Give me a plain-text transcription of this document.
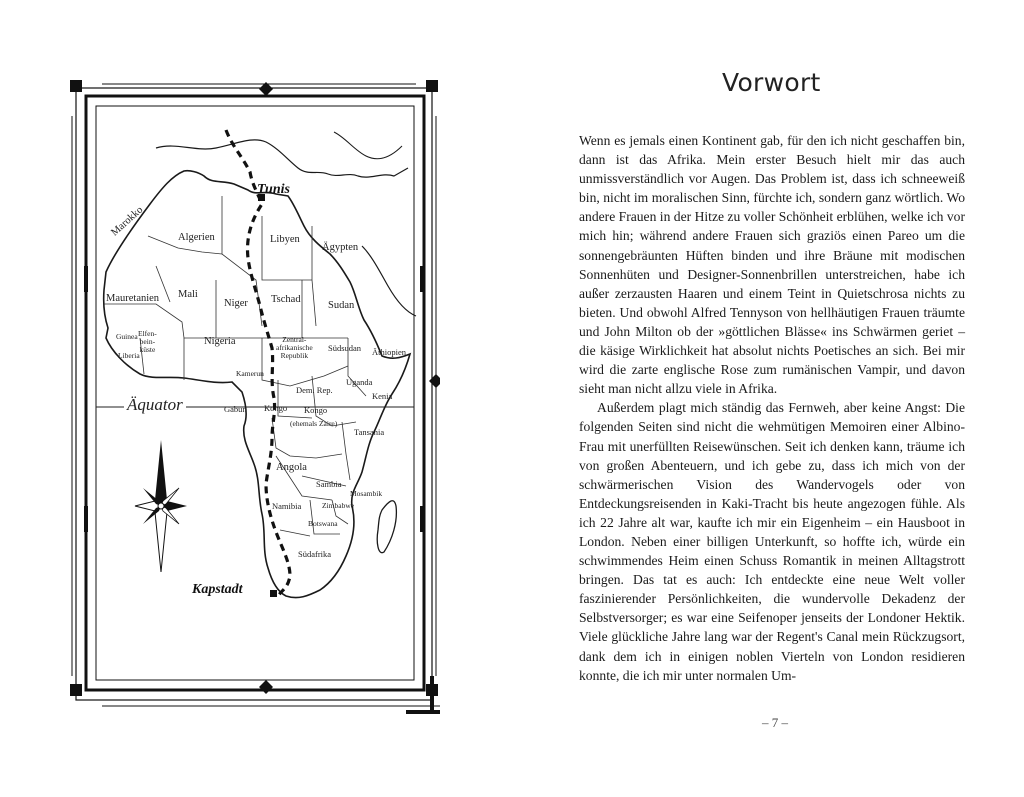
Tunis
Kapstadt
Äquator
Marokko	Algerien	Libyen
Ägypten
Mauretanien Mali
Niger Tschad
Sudan
Guinea Elfen-
bein-
küste
Liberia
Nigeria	Zentral-
afrikanische
Republik
Südsudan Äthiopien
Kamerun
Dem. Rep.
Uganda
Kenia
Gabun Kongo Kongo
(ehemals Zaire)
Tansania
Angola
Sambia
Mosambik
Namibia	Zimbabwe
Botswana
Südafrika
Vorwort

Wenn es jemals einen Kontinent gab, für den ich nicht geschaffen bin, dann ist das Afrika. Mein erster Besuch hielt mir das auch unmissverständlich vor Augen. Das Problem ist, dass ich schneeweiß bin, nicht im moralischen Sinn, fürchte ich, sondern ganz wörtlich. Wo andere Frauen in der Hitze zu voller Schönheit erblühen, welke ich vor mich hin; während andere Frauen sich graziös einen Pareo um die sonnengebräunten Hüften binden und ihre Bräune mit modischen Sonnenhüten und Designer-Sonnenbrillen unterstreichen, habe ich außer zerzausten Haaren und einem Teint in Quietschrosa nichts zu bieten. Und obwohl Alfred Tennyson von hellhäutigen Frauen träumte und John Milton ob der »göttlichen Blässe« ins Schwärmen geriet – die käsige Wirklichkeit hat absolut nichts Poetisches an sich. Bei mir wird die zarte englische Rose zum rumänischen Vampir, und davon sieht man nicht allzu viele in Afrika.

Außerdem plagt mich ständig das Fernweh, aber keine Angst: Die folgenden Seiten sind nicht die wehmütigen Memoiren einer Albino-Frau mit unerfüllten Reisewünschen. Seit ich denken kann, träume ich von großen Abenteuern, und ich gebe zu, dass ich mich von der schwärmerischen Vision des Wandervogels oder von Entdeckungsreisenden in Kaki-Tracht bis heute angezogen fühle. Als ich 22 Jahre alt war, kaufte ich mir ein Eigenheim – ein Hausboot in London. Neben einer billigen Unterkunft, so hoffte ich, würde ein schwimmendes Heim einen Schuss Romantik in meinen Alltagstrott bringen. Das tat es auch: Ich entdeckte eine neue Welt voller faszinierender Persönlichkeiten, die wundervolle Dekadenz der Selbstversorger; es war eine Seifenoper jenseits der Londoner Hektik. Viele glückliche Jahre lang war der Regent's Canal mein Rückzugsort, dank dem ich in einigen noblen Vierteln von London residieren konnte, die ich mir unter normalen Um-

– 7 –
